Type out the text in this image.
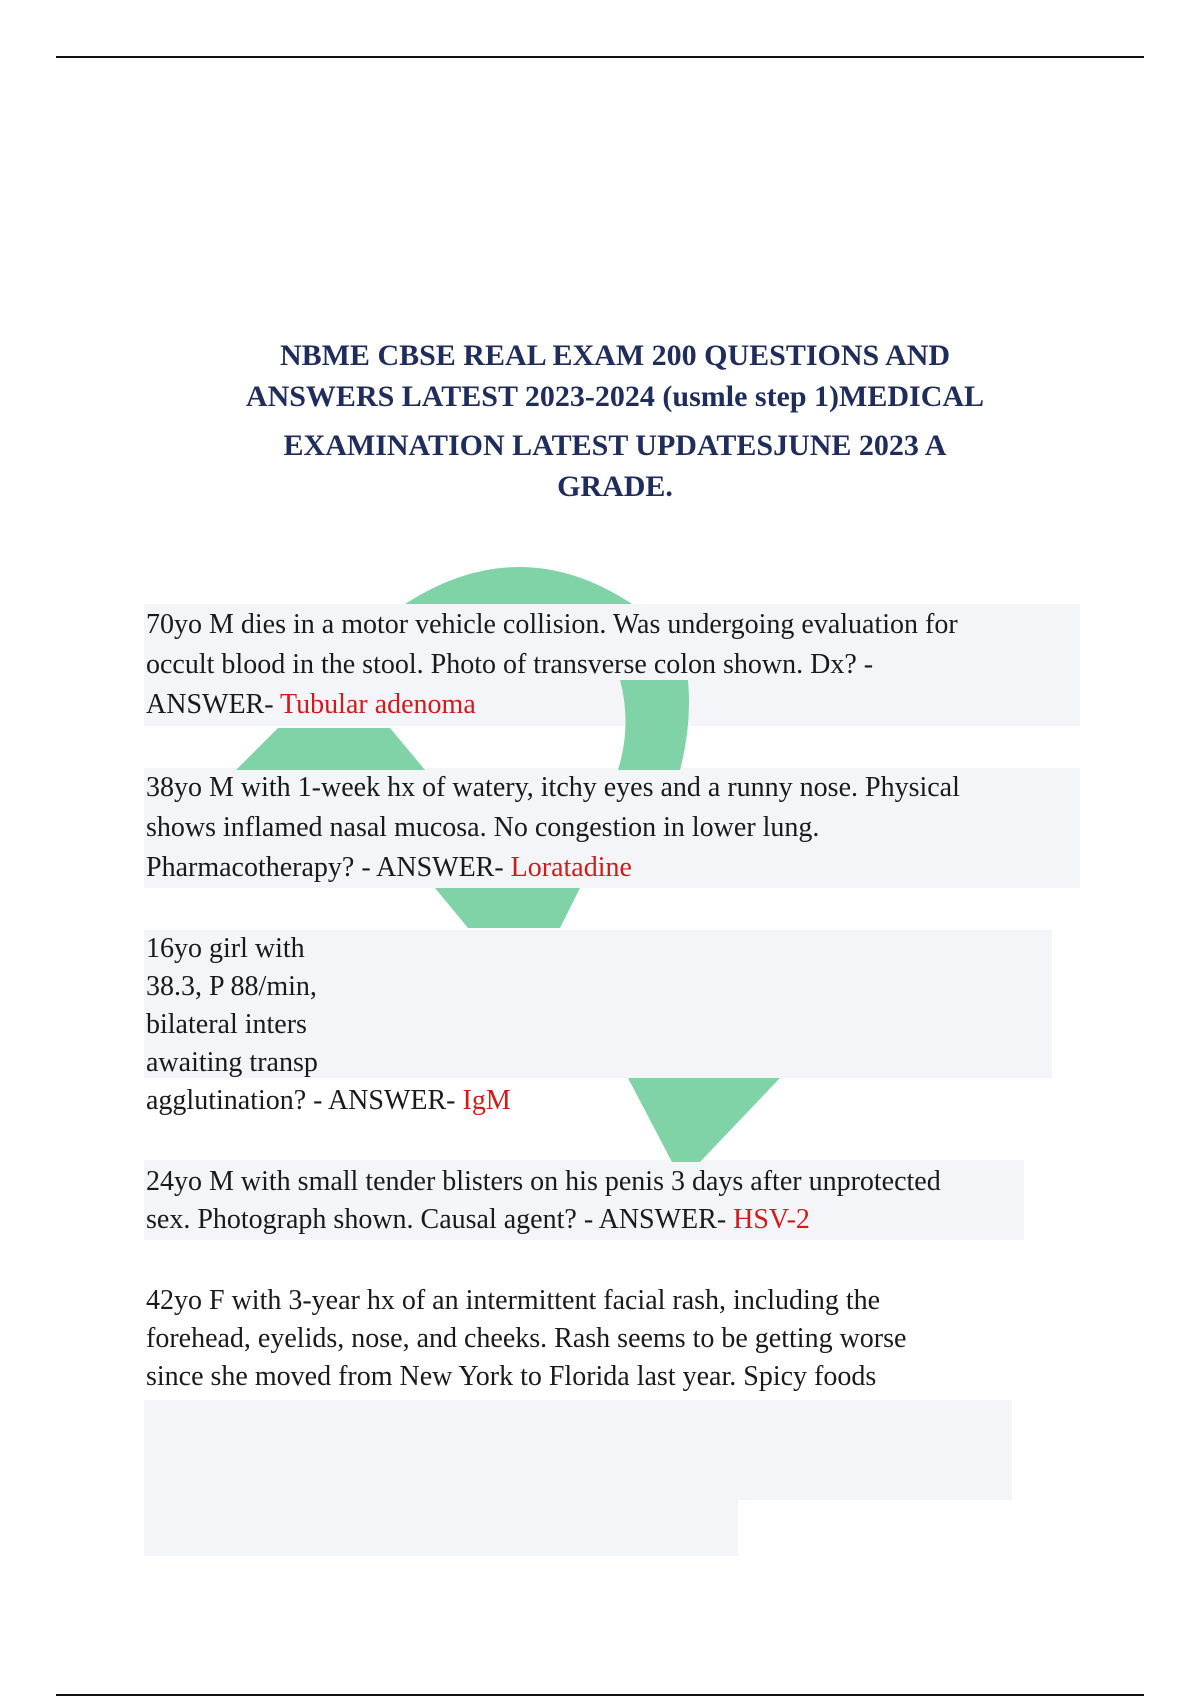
NBME CBSE REAL EXAM 200 QUESTIONS AND
ANSWERS LATEST 2023-2024 (usmle step 1)MEDICAL
EXAMINATION LATEST UPDATESJUNE 2023 A
GRADE.
70yo M dies in a motor vehicle collision. Was undergoing evaluation for
occult blood in the stool. Photo of transverse colon shown. Dx? -
ANSWER- Tubular adenoma
38yo M with 1-week hx of watery, itchy eyes and a runny nose. Physical
shows inflamed nasal mucosa. No congestion in lower lung.
Pharmacotherapy? - ANSWER- Loratadine
16yo girl with
38.3, P 88/min,
bilateral inters
awaiting transp
agglutination? - ANSWER- IgM
24yo M with small tender blisters on his penis 3 days after unprotected
sex. Photograph shown. Causal agent? - ANSWER- HSV-2
42yo F with 3-year hx of an intermittent facial rash, including the
forehead, eyelids, nose, and cheeks. Rash seems to be getting worse
since she moved from New York to Florida last year. Spicy foods
